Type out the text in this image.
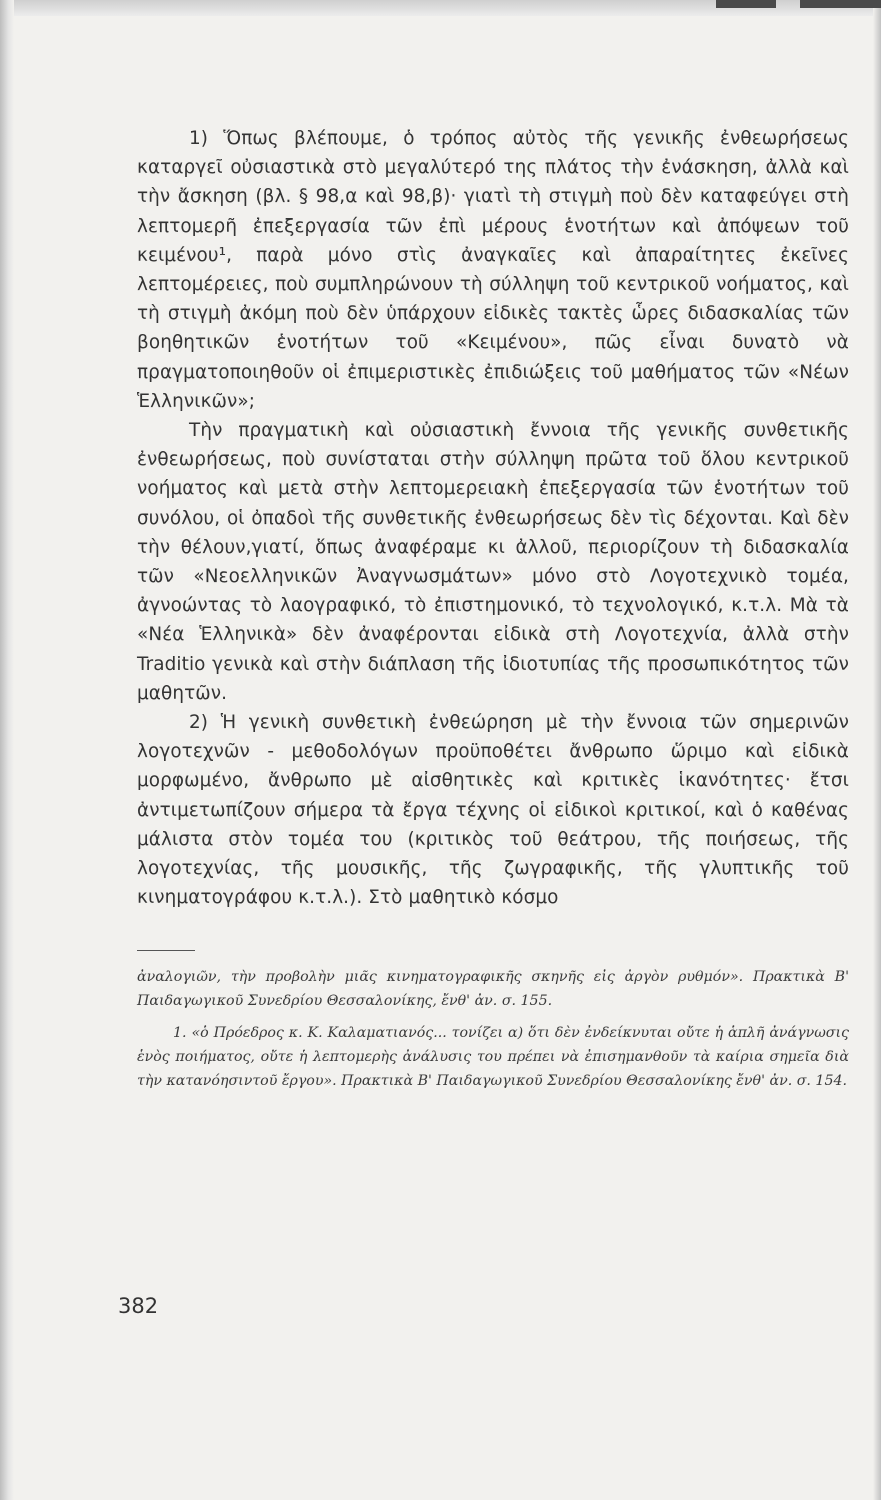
1) Ὅπως βλέπουμε, ὁ τρόπος αὐτὸς τῆς γενικῆς ἐνθεωρήσεως καταργεῖ οὐσιαστικὰ στὸ μεγαλύτερό της πλάτος τὴν ἐνάσκηση, ἀλλὰ καὶ τὴν ἄσκηση (βλ. § 98,α καὶ 98,β)· γιατὶ τὴ στιγμὴ ποὺ δὲν καταφεύγει στὴ λεπτομερῆ ἐπεξεργασία τῶν ἐπὶ μέρους ἑνοτήτων καὶ ἀπόψεων τοῦ κειμένου¹, παρὰ μόνο στὶς ἀναγκαῖες καὶ ἀπαραίτητες ἐκεῖνες λεπτομέρειες, ποὺ συμπληρώνουν τὴ σύλληψη τοῦ κεντρικοῦ νοήματος, καὶ τὴ στιγμὴ ἀκόμη ποὺ δὲν ὑπάρχουν εἰδικὲς τακτὲς ὧρες διδασκαλίας τῶν βοηθητικῶν ἑνοτήτων τοῦ «Κειμένου», πῶς εἶναι δυνατὸ νὰ πραγματοποιηθοῦν οἱ ἐπιμεριστικὲς ἐπιδιώξεις τοῦ μαθήματος τῶν «Νέων Ἑλληνικῶν»;

Τὴν πραγματικὴ καὶ οὐσιαστικὴ ἔννοια τῆς γενικῆς συνθετικῆς ἐνθεωρήσεως, ποὺ συνίσταται στὴν σύλληψη πρῶτα τοῦ ὅλου κεντρικοῦ νοήματος καὶ μετὰ στὴν λεπτομερειακὴ ἐπεξεργασία τῶν ἑνοτήτων τοῦ συνόλου, οἱ ὀπαδοὶ τῆς συνθετικῆς ἐνθεωρήσεως δὲν τὶς δέχονται. Καὶ δὲν τὴν θέλουν,γιατί, ὅπως ἀναφέραμε κι ἀλλοῦ, περιορίζουν τὴ διδασκαλία τῶν «Νεοελληνικῶν Ἀναγνωσμάτων» μόνο στὸ Λογοτεχνικὸ τομέα, ἀγνοώντας τὸ λαογραφικό, τὸ ἐπιστημονικό, τὸ τεχνολογικό, κ.τ.λ. Μὰ τὰ «Νέα Ἑλληνικὰ» δὲν ἀναφέρονται εἰδικὰ στὴ Λογοτεχνία, ἀλλὰ στὴν Traditio γενικὰ καὶ στὴν διάπλαση τῆς ἰδιοτυπίας τῆς προσωπικότητος τῶν μαθητῶν.

2) Ἡ γενικὴ συνθετικὴ ἐνθεώρηση μὲ τὴν ἔννοια τῶν σημερινῶν λογοτεχνῶν - μεθοδολόγων προϋποθέτει ἄνθρωπο ὥριμο καὶ εἰδικὰ μορφωμένο, ἄνθρωπο μὲ αἰσθητικὲς καὶ κριτικὲς ἱκανότητες· ἔτσι ἀντιμετωπίζουν σήμερα τὰ ἔργα τέχνης οἱ εἰδικοὶ κριτικοί, καὶ ὁ καθένας μάλιστα στὸν τομέα του (κριτικὸς τοῦ θεάτρου, τῆς ποιήσεως, τῆς λογοτεχνίας, τῆς μουσικῆς, τῆς ζωγραφικῆς, τῆς γλυπτικῆς τοῦ κινηματογράφου κ.τ.λ.). Στὸ μαθητικὸ κόσμο

ἀναλογιῶν, τὴν προβολὴν μιᾶς κινηματογραφικῆς σκηνῆς εἰς ἀργὸν ρυθμόν». Πρακτικὰ Β' Παιδαγωγικοῦ Συνεδρίου Θεσσαλονίκης, ἔνθ' ἀν. σ. 155.

1. «ὁ Πρόεδρος κ. Κ. Καλαματιανός... τονίζει α) ὅτι δὲν ἐνδείκνυται οὔτε ἡ ἁπλῆ ἀνάγνωσις ἑνὸς ποιήματος, οὔτε ἡ λεπτομερὴς ἀνάλυσις του πρέπει νὰ ἐπισημανθοῦν τὰ καίρια σημεῖα διὰ τὴν κατανόησιντοῦ ἔργου». Πρακτικὰ Β' Παιδαγωγικοῦ Συνεδρίου Θεσσαλονίκης ἔνθ' ἀν. σ. 154.

382
